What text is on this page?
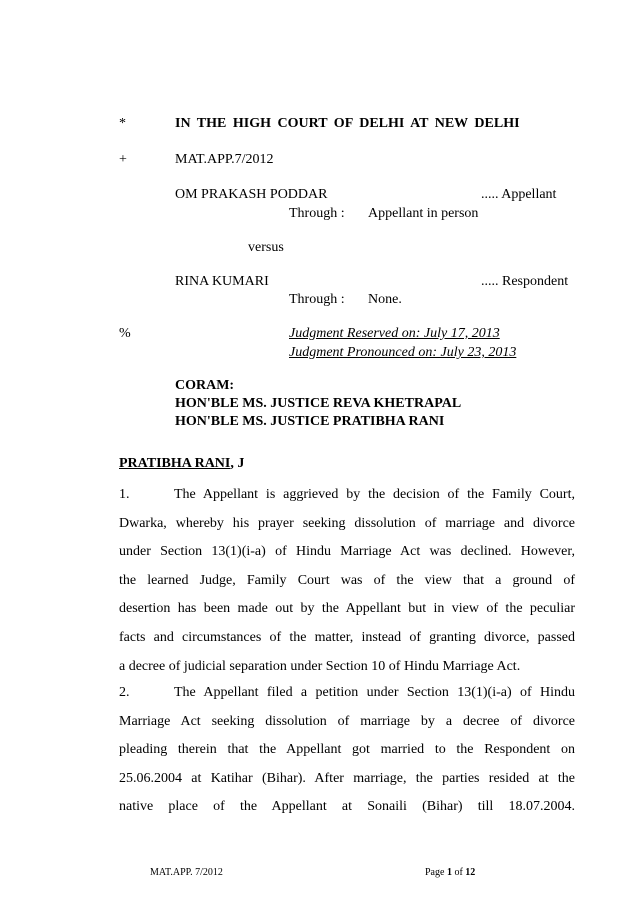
*	IN THE HIGH COURT OF DELHI AT NEW DELHI
+	MAT.APP.7/2012
OM PRAKASH PODDAR	..... Appellant
Through : Appellant in person
versus
RINA KUMARI	..... Respondent
Through : None.
%	Judgment Reserved on: July 17, 2013
Judgment Pronounced on: July 23, 2013
CORAM:
HON'BLE MS. JUSTICE REVA KHETRAPAL
HON'BLE MS. JUSTICE PRATIBHA RANI
PRATIBHA RANI, J
1.	The Appellant is aggrieved by the decision of the Family Court,
Dwarka, whereby his prayer seeking dissolution of marriage and divorce
under Section 13(1)(i-a) of Hindu Marriage Act was declined. However,
the learned Judge, Family Court was of the view that a ground of
desertion has been made out by the Appellant but in view of the peculiar
facts and circumstances of the matter, instead of granting divorce, passed
a decree of judicial separation under Section 10 of Hindu Marriage Act.
2.	The Appellant filed a petition under Section 13(1)(i-a) of Hindu
Marriage Act seeking dissolution of marriage by a decree of divorce
pleading therein that the Appellant got married to the Respondent on
25.06.2004 at Katihar (Bihar). After marriage, the parties resided at the
native place of the Appellant at Sonaili (Bihar) till 18.07.2004.
MAT.APP. 7/2012	Page 1 of 12
